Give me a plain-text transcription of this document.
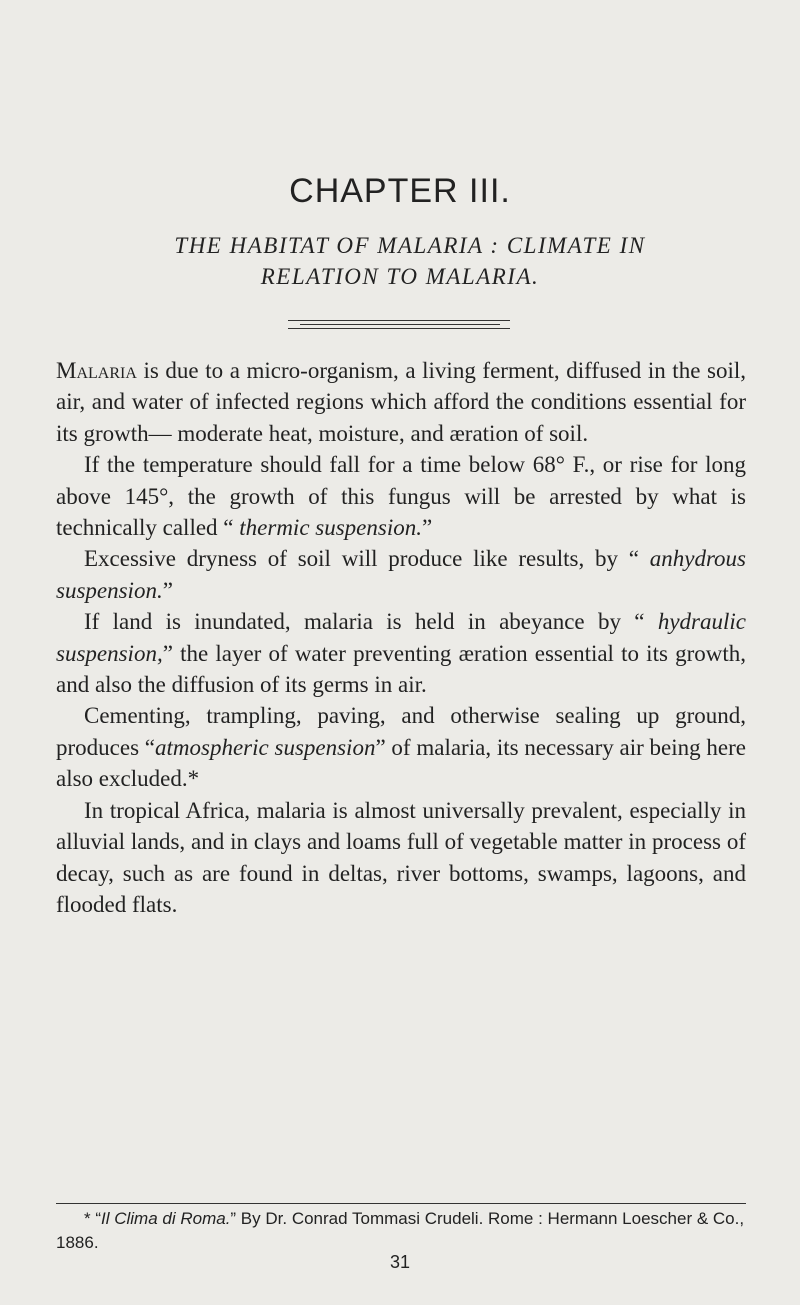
CHAPTER III.
THE HABITAT OF MALARIA : CLIMATE IN
RELATION TO MALARIA.

Malaria is due to a micro-organism, a living ferment, diffused in the soil, air, and water of infected regions which afford the conditions essential for its growth— moderate heat, moisture, and æration of soil.

If the temperature should fall for a time below 68° F., or rise for long above 145°, the growth of this fungus will be arrested by what is technically called “ thermic suspension.”

Excessive dryness of soil will produce like results, by “ anhydrous suspension.”

If land is inundated, malaria is held in abeyance by “ hydraulic suspension,” the layer of water preventing æration essential to its growth, and also the diffusion of its germs in air.

Cementing, trampling, paving, and otherwise sealing up ground, produces “atmospheric suspension” of malaria, its necessary air being here also excluded.*

In tropical Africa, malaria is almost universally prevalent, especially in alluvial lands, and in clays and loams full of vegetable matter in process of decay, such as are found in deltas, river bottoms, swamps, lagoons, and flooded flats.

* “Il Clima di Roma.” By Dr. Conrad Tommasi Crudeli. Rome : Hermann Loescher & Co., 1886.
31
